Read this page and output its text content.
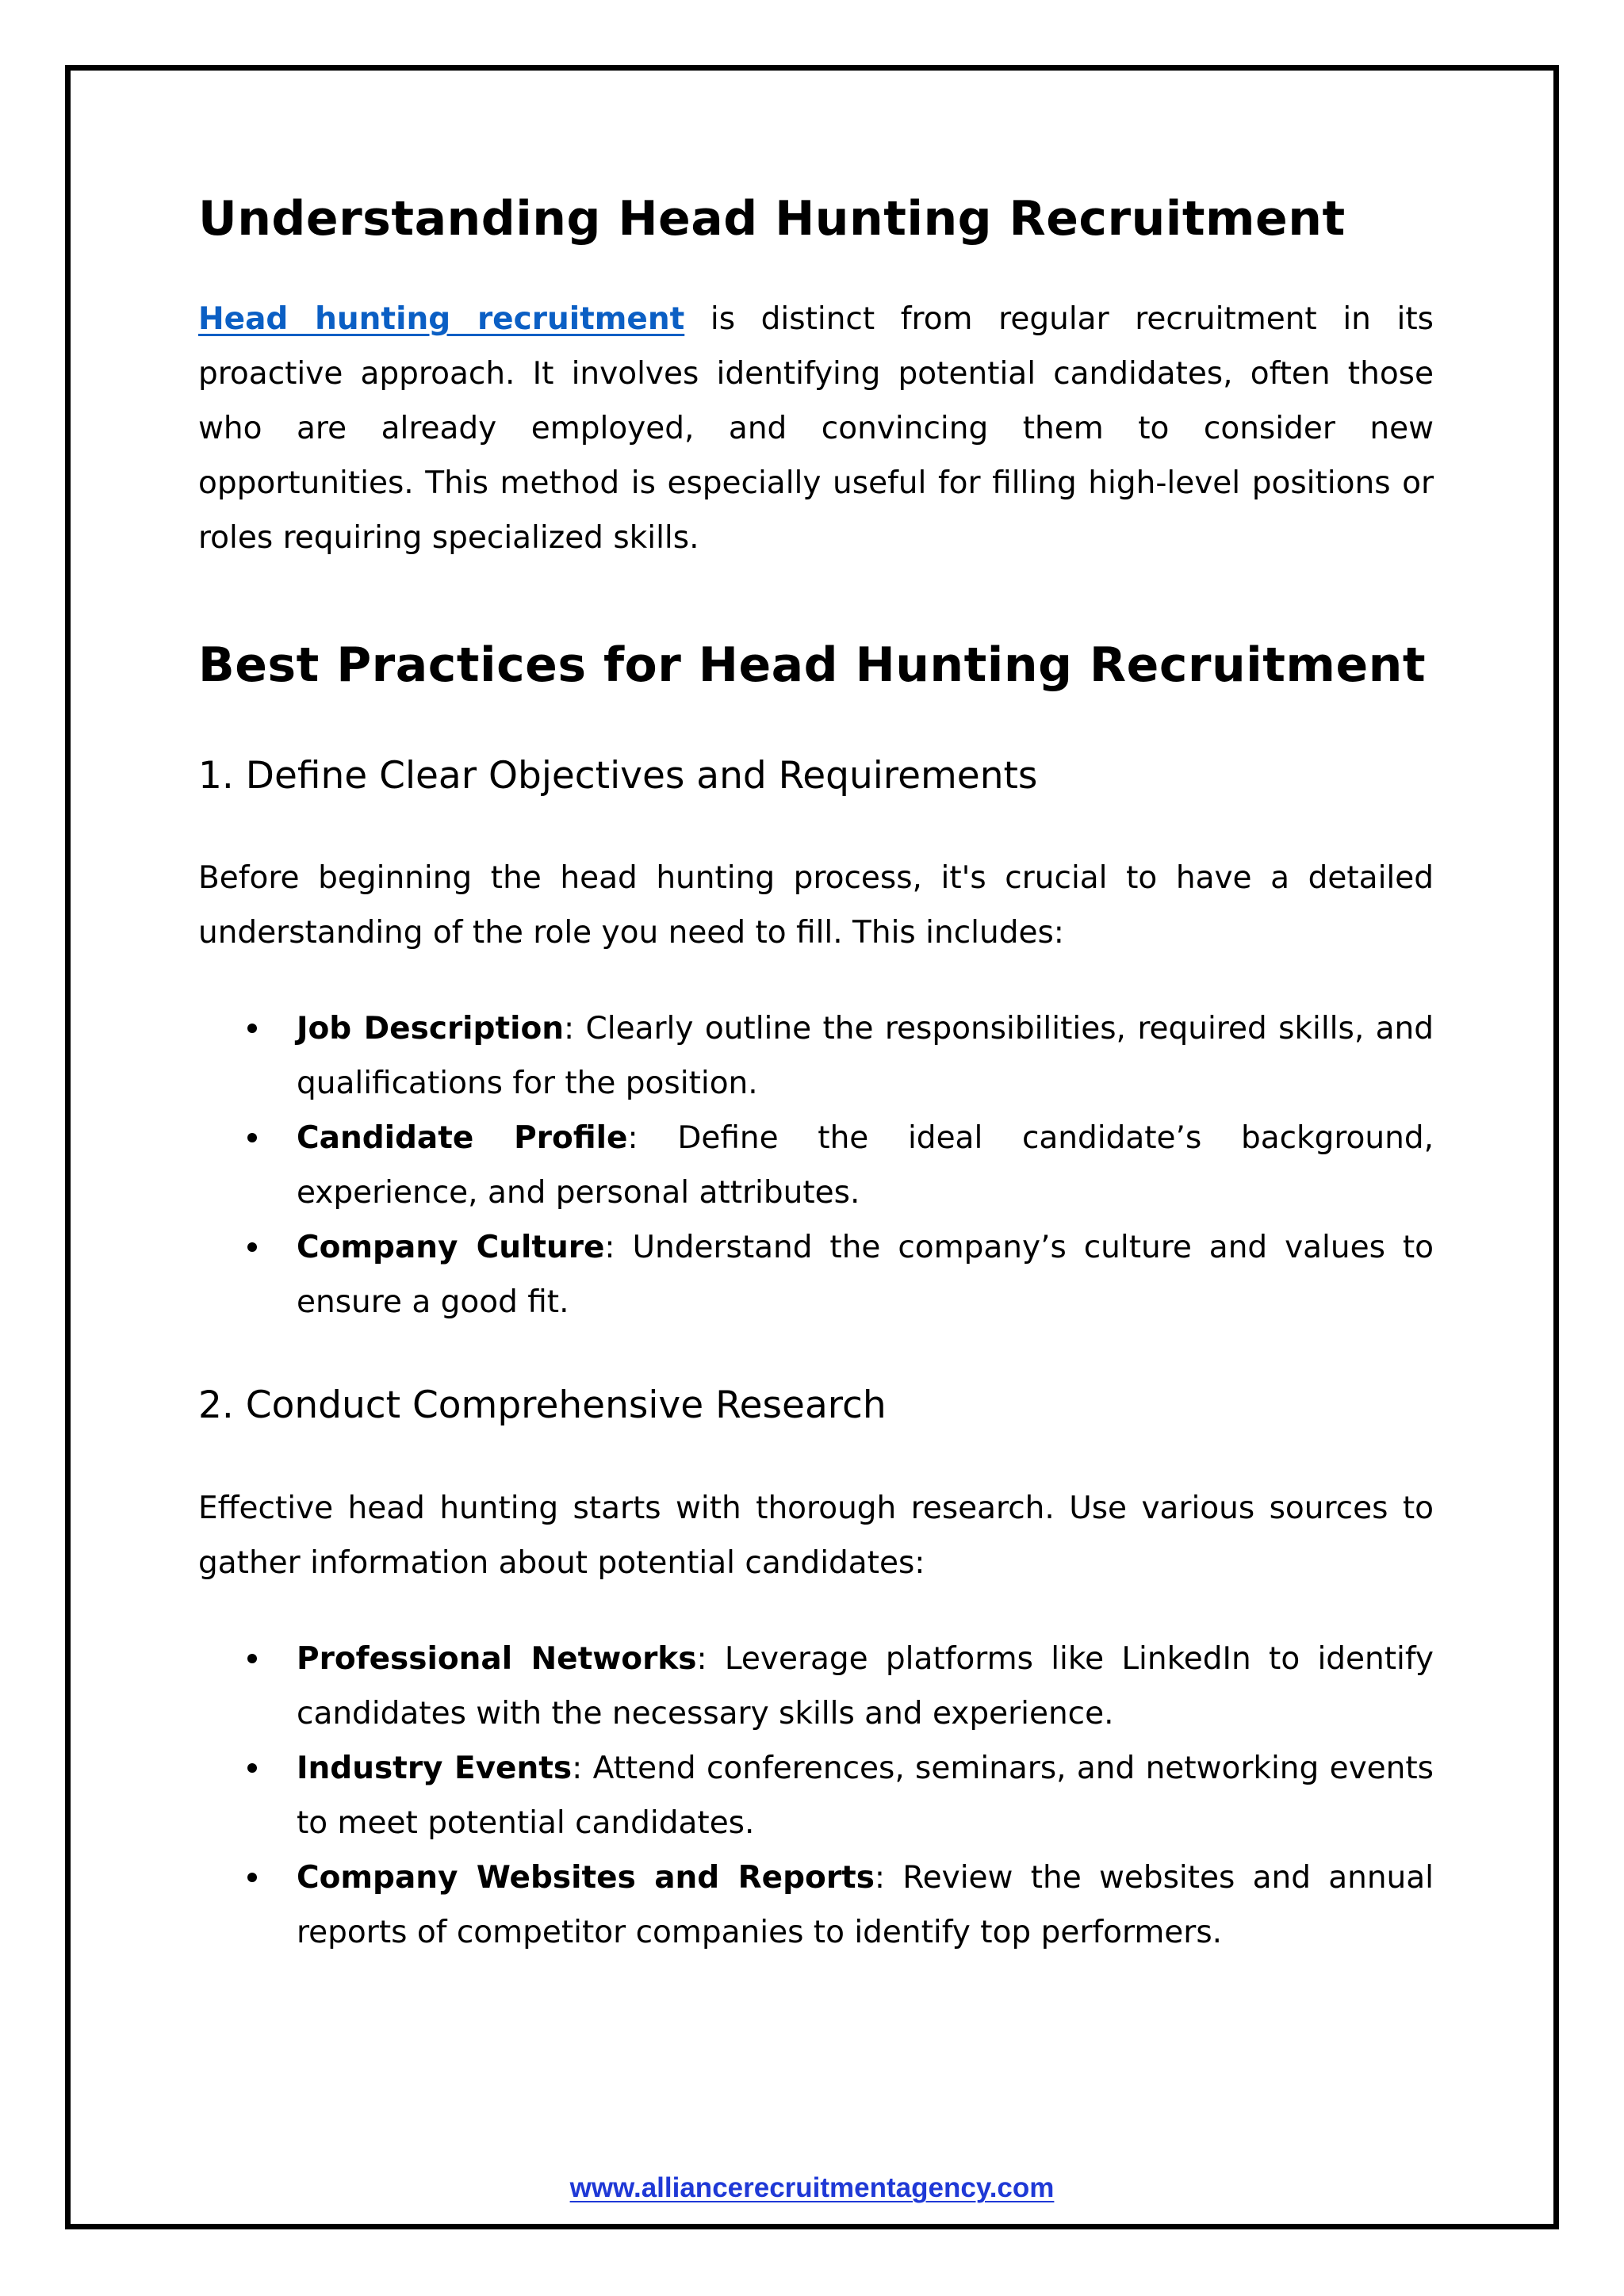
Understanding Head Hunting Recruitment

Head hunting recruitment is distinct from regular recruitment in its proactive approach. It involves identifying potential candidates, often those who are already employed, and convincing them to consider new opportunities. This method is especially useful for filling high-level positions or roles requiring specialized skills.

Best Practices for Head Hunting Recruitment
1. Define Clear Objectives and Requirements

Before beginning the head hunting process, it's crucial to have a detailed understanding of the role you need to fill. This includes:

Job Description: Clearly outline the responsibilities, required skills, and qualifications for the position.
Candidate Profile: Define the ideal candidate’s background, experience, and personal attributes.
Company Culture: Understand the company’s culture and values to ensure a good fit.
2. Conduct Comprehensive Research

Effective head hunting starts with thorough research. Use various sources to gather information about potential candidates:

Professional Networks: Leverage platforms like LinkedIn to identify candidates with the necessary skills and experience.
Industry Events: Attend conferences, seminars, and networking events to meet potential candidates.
Company Websites and Reports: Review the websites and annual reports of competitor companies to identify top performers.
www.alliancerecruitmentagency.com
